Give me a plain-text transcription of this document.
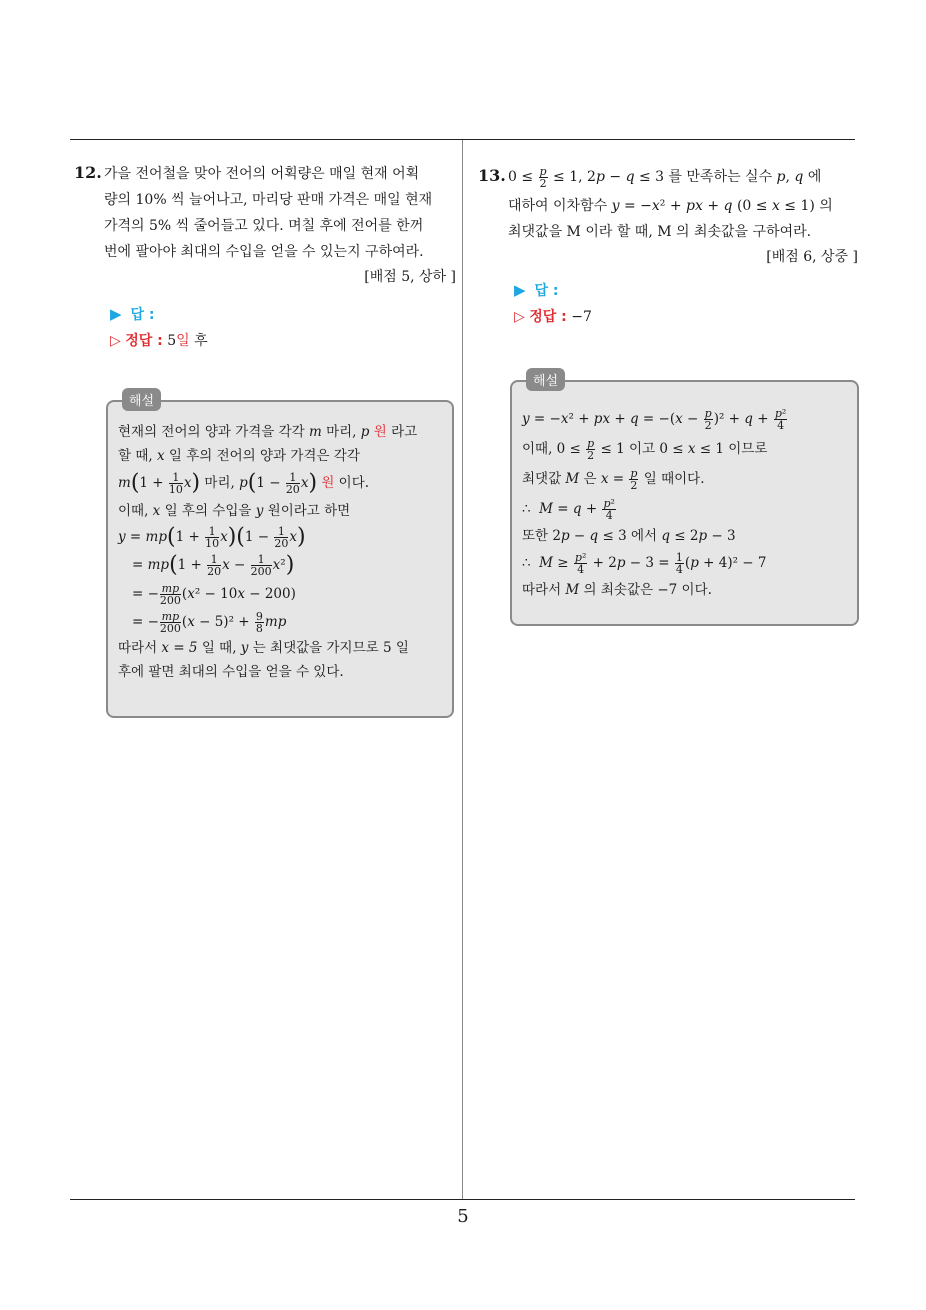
12. 가을 전어철을 맞아 전어의 어획량은 매일 현재 어획
량의 10% 씩 늘어나고, 마리당 판매 가격은 매일 현재
가격의 5% 씩 줄어들고 있다. 며칠 후에 전어를 한꺼
번에 팔아야 최대의 수입을 얻을 수 있는지 구하여라.
[배점 5, 상하 ]
▶ 답 :
▷ 정답 : 5일 후
해설
현재의 전어의 양과 가격을 각각 m 마리, p 원 라고
할 때, x 일 후의 전어의 양과 가격은 각각
$m(1 + \frac{1}{10} x)$ 마리, $p(1 - \frac{1}{20} x)$ 원 이다.
이때, x 일 후의 수입을 y 원이라고 하면
$y = mp(1 + \frac{1}{10} x)(1 - \frac{1}{20} x)$
= $mp(1 + \frac{1}{20}$ $x - \frac{1}{200} x^2$)
= − $\frac{mp}{200} (x^2 - 10x - 200)$
= − $\frac{mp}{200} (x - 5)^2 + \frac{9}{8}$ mp
따라서 x = 5 일 때, y 는 최댓값을 가지므로 5 일
후에 팔면 최대의 수입을 얻을 수 있다.
13. $0 \le \frac{p}{2} \le 1$, 2p − q ≤ 3 를 만족하는 실수 p, q 에
대하여 이차함수 y = −x² + px + q (0 ≤ x ≤ 1) 의
최댓값을 M 이라 할 때, M 의 최솟값을 구하여라.
[배점 6, 상중 ]
▶ 답 :
▷ 정답 : −7
해설
y = −x² + px + $q = -(x - \frac{p}{2} )^2 + q + \frac{\text{p²}}{4}$
이때, $0 \le \frac{p}{2} \le 1$ 이고 0 ≤ x ≤ 1 이므로
최댓값 M 은 $x = \frac{p}{2}$ 일 때이다.
∴  $M = q + \frac{\text{p²}}{4}$
또한 2p − q ≤ 3 에서 q ≤ 2p − 3
∴  $M \ge \frac{\text{p²}}{4} + 2p - 3 = \frac{1}{4} (p + 4)^2 - 7$
따라서 M 의 최솟값은 −7 이다.
5
